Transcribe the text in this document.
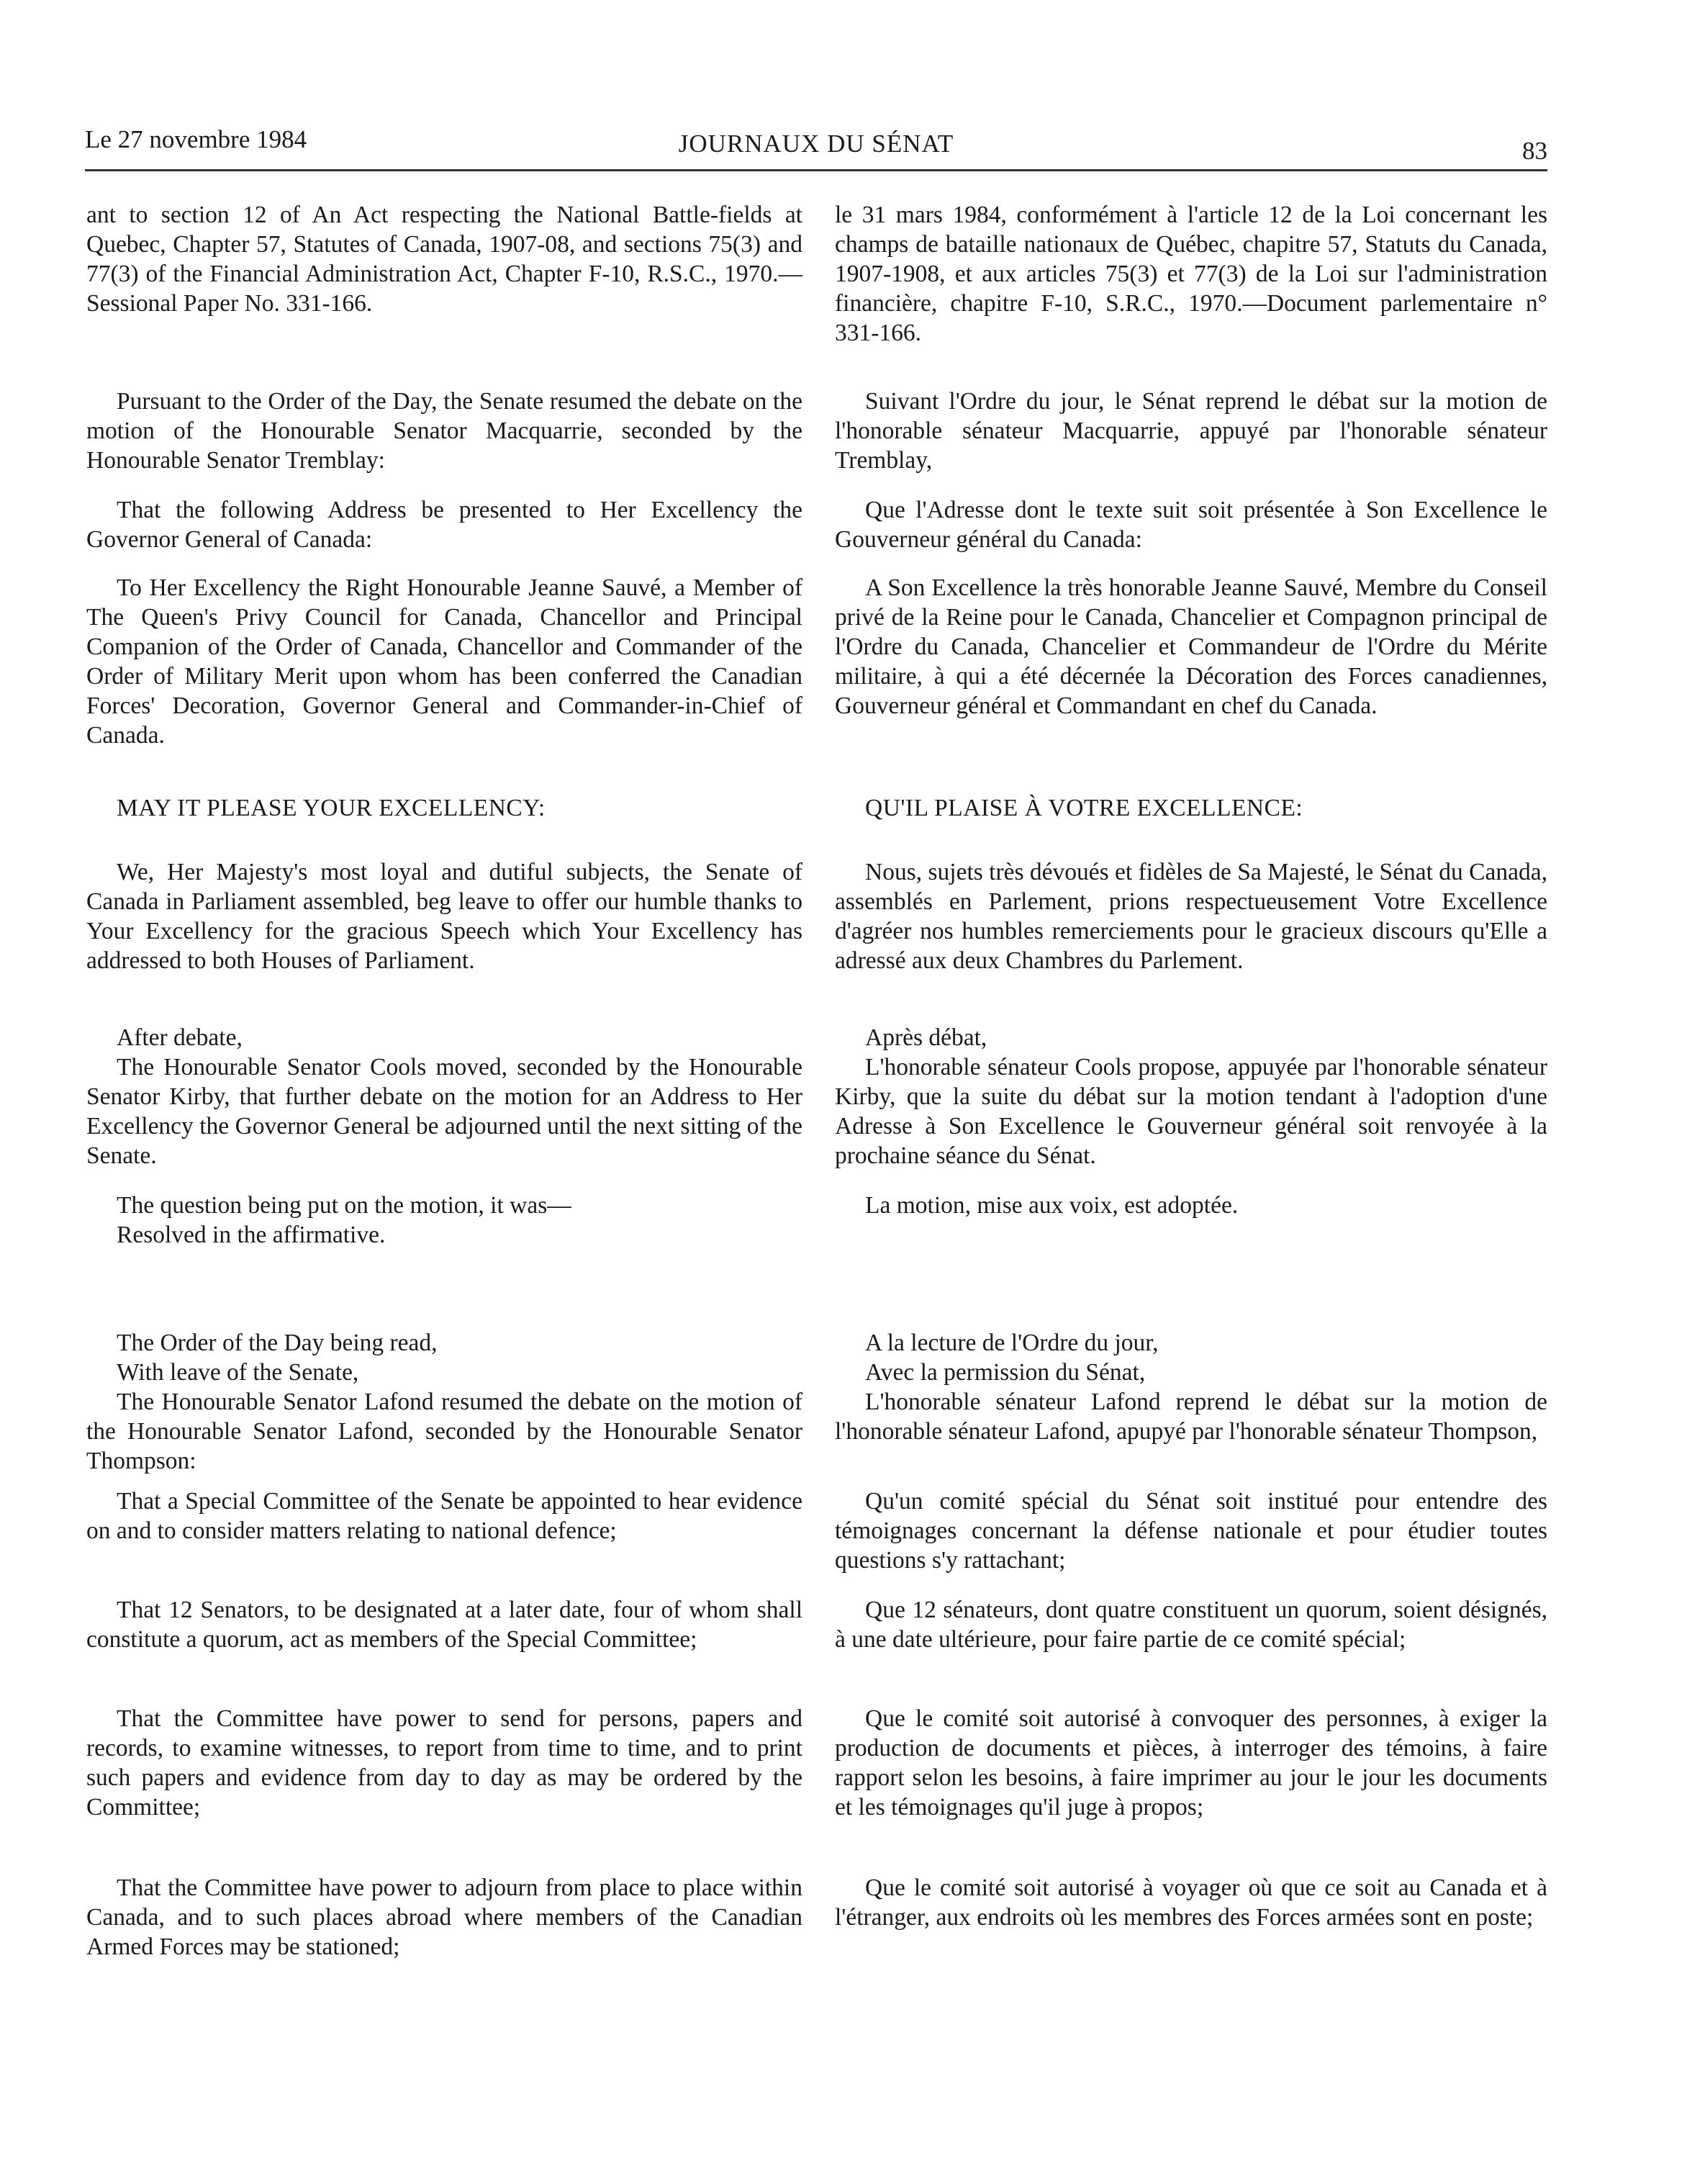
Le 27 novembre 1984	JOURNAUX DU SÉNAT	83

ant to section 12 of An Act respecting the National Battle-fields at Quebec, Chapter 57, Statutes of Canada, 1907-08, and sections 75(3) and 77(3) of the Financial Administration Act, Chapter F-10, R.S.C., 1970.—Sessional Paper No. 331-166.

Pursuant to the Order of the Day, the Senate resumed the debate on the motion of the Honourable Senator Macquarrie, seconded by the Honourable Senator Tremblay:

That the following Address be presented to Her Excellency the Governor General of Canada:

To Her Excellency the Right Honourable Jeanne Sauvé, a Member of The Queen's Privy Council for Canada, Chancellor and Principal Companion of the Order of Canada, Chancellor and Commander of the Order of Military Merit upon whom has been conferred the Canadian Forces' Decoration, Governor General and Commander-in-Chief of Canada.

MAY IT PLEASE YOUR EXCELLENCY:

We, Her Majesty's most loyal and dutiful subjects, the Senate of Canada in Parliament assembled, beg leave to offer our humble thanks to Your Excellency for the gracious Speech which Your Excellency has addressed to both Houses of Parliament.

After debate,

The Honourable Senator Cools moved, seconded by the Honourable Senator Kirby, that further debate on the motion for an Address to Her Excellency the Governor General be adjourned until the next sitting of the Senate.

The question being put on the motion, it was—

Resolved in the affirmative.

The Order of the Day being read,

With leave of the Senate,

The Honourable Senator Lafond resumed the debate on the motion of the Honourable Senator Lafond, seconded by the Honourable Senator Thompson:

That a Special Committee of the Senate be appointed to hear evidence on and to consider matters relating to national defence;

That 12 Senators, to be designated at a later date, four of whom shall constitute a quorum, act as members of the Special Committee;

That the Committee have power to send for persons, papers and records, to examine witnesses, to report from time to time, and to print such papers and evidence from day to day as may be ordered by the Committee;

That the Committee have power to adjourn from place to place within Canada, and to such places abroad where members of the Canadian Armed Forces may be stationed;

le 31 mars 1984, conformément à l'article 12 de la Loi concernant les champs de bataille nationaux de Québec, chapitre 57, Statuts du Canada, 1907-1908, et aux articles 75(3) et 77(3) de la Loi sur l'administration financière, chapitre F-10, S.R.C., 1970.—Document parlementaire n° 331-166.

Suivant l'Ordre du jour, le Sénat reprend le débat sur la motion de l'honorable sénateur Macquarrie, appuyé par l'honorable sénateur Tremblay,

Que l'Adresse dont le texte suit soit présentée à Son Excellence le Gouverneur général du Canada:

A Son Excellence la très honorable Jeanne Sauvé, Membre du Conseil privé de la Reine pour le Canada, Chancelier et Compagnon principal de l'Ordre du Canada, Chancelier et Commandeur de l'Ordre du Mérite militaire, à qui a été décernée la Décoration des Forces canadiennes, Gouverneur général et Commandant en chef du Canada.

QU'IL PLAISE À VOTRE EXCELLENCE:

Nous, sujets très dévoués et fidèles de Sa Majesté, le Sénat du Canada, assemblés en Parlement, prions respectueusement Votre Excellence d'agréer nos humbles remerciements pour le gracieux discours qu'Elle a adressé aux deux Chambres du Parlement.

Après débat,

L'honorable sénateur Cools propose, appuyée par l'honorable sénateur Kirby, que la suite du débat sur la motion tendant à l'adoption d'une Adresse à Son Excellence le Gouverneur général soit renvoyée à la prochaine séance du Sénat.

La motion, mise aux voix, est adoptée.

A la lecture de l'Ordre du jour,

Avec la permission du Sénat,

L'honorable sénateur Lafond reprend le débat sur la motion de l'honorable sénateur Lafond, apupyé par l'honorable sénateur Thompson,

Qu'un comité spécial du Sénat soit institué pour entendre des témoignages concernant la défense nationale et pour étudier toutes questions s'y rattachant;

Que 12 sénateurs, dont quatre constituent un quorum, soient désignés, à une date ultérieure, pour faire partie de ce comité spécial;

Que le comité soit autorisé à convoquer des personnes, à exiger la production de documents et pièces, à interroger des témoins, à faire rapport selon les besoins, à faire imprimer au jour le jour les documents et les témoignages qu'il juge à propos;

Que le comité soit autorisé à voyager où que ce soit au Canada et à l'étranger, aux endroits où les membres des Forces armées sont en poste;
